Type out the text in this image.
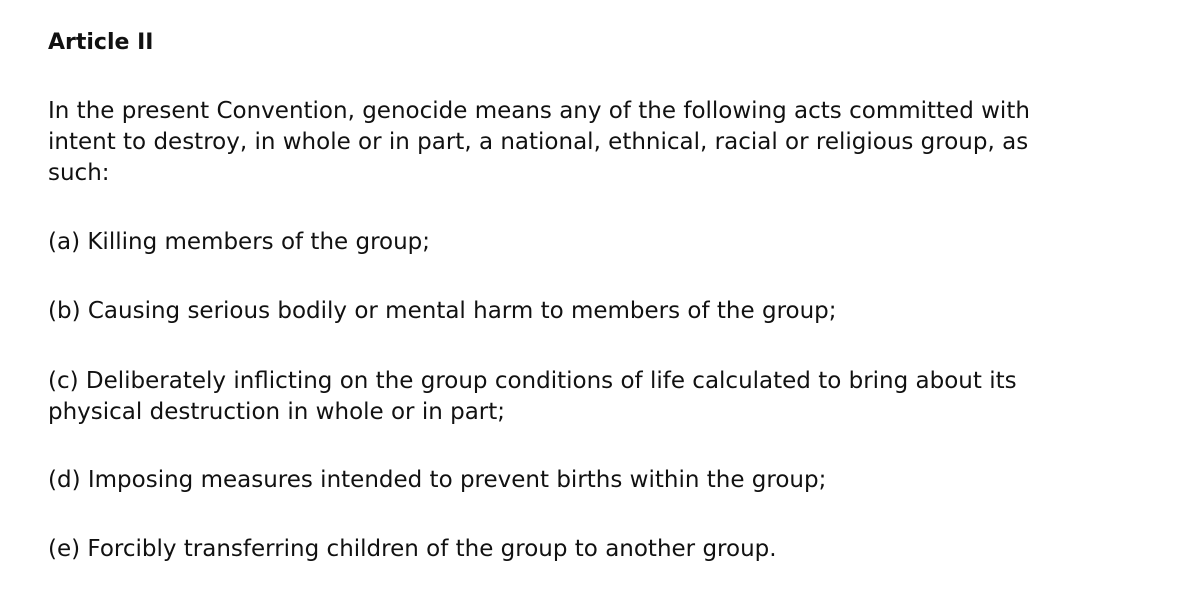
Article II

In the present Convention, genocide means any of the following acts committed with
intent to destroy, in whole or in part, a national, ethnical, racial or religious group, as
such:

(a) Killing members of the group;

(b) Causing serious bodily or mental harm to members of the group;

(c) Deliberately inflicting on the group conditions of life calculated to bring about its
physical destruction in whole or in part;

(d) Imposing measures intended to prevent births within the group;

(e) Forcibly transferring children of the group to another group.
